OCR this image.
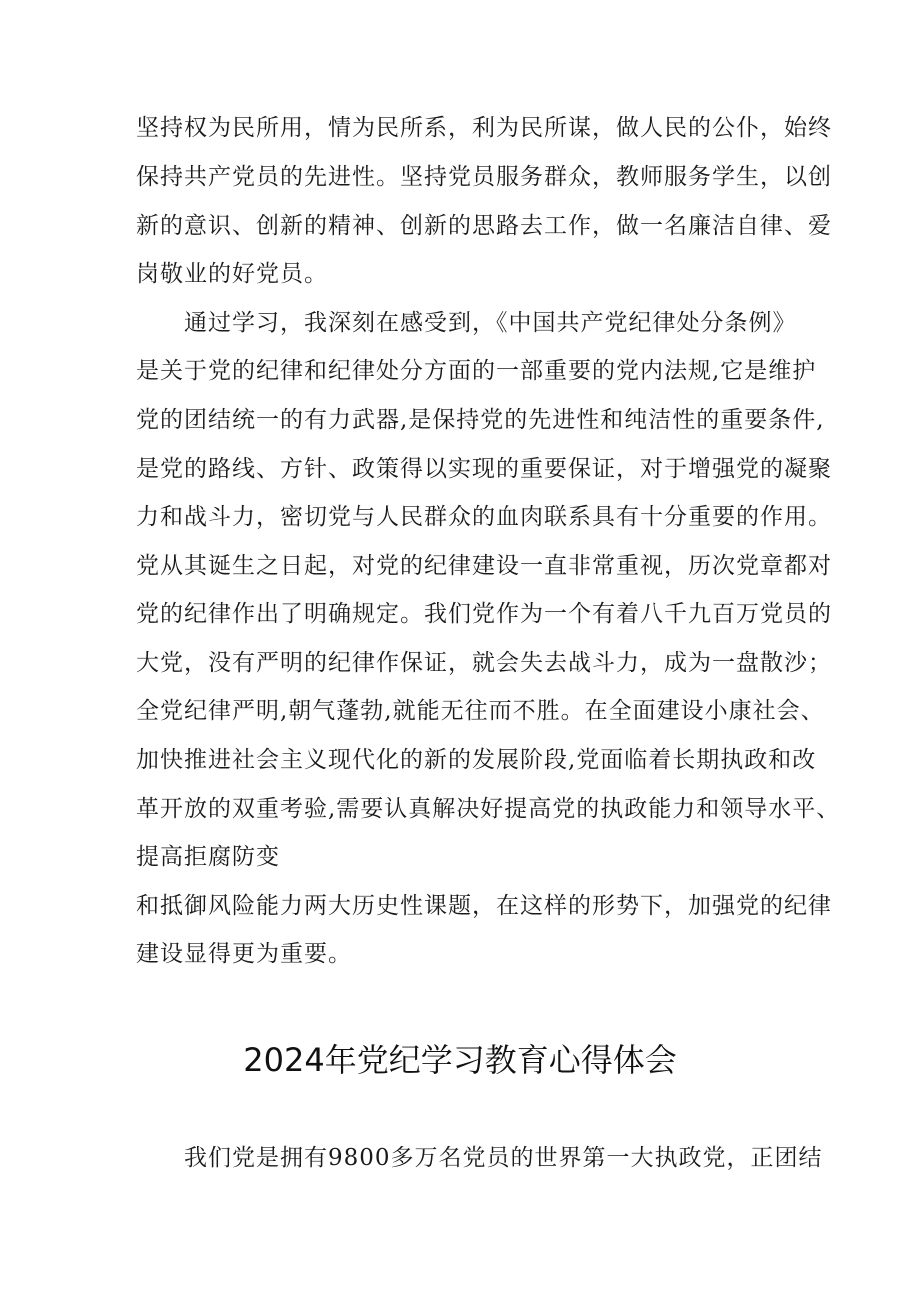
坚持权为民所用，情为民所系，利为民所谋，做人民的公仆，始终
保持共产党员的先进性。坚持党员服务群众，教师服务学生，以创
新的意识、创新的精神、创新的思路去工作，做一名廉洁自律、爱
岗敬业的好党员。
通过学习，我深刻在感受到，《中国共产党纪律处分条例》
是关于党的纪律和纪律处分方面的一部重要的党内法规,它是维护
党的团结统一的有力武器,是保持党的先进性和纯洁性的重要条件,
是党的路线、方针、政策得以实现的重要保证，对于增强党的凝聚
力和战斗力，密切党与人民群众的血肉联系具有十分重要的作用。
党从其诞生之日起，对党的纪律建设一直非常重视，历次党章都对
党的纪律作出了明确规定。我们党作为一个有着八千九百万党员的
大党，没有严明的纪律作保证，就会失去战斗力，成为一盘散沙；
全党纪律严明,朝气蓬勃,就能无往而不胜。在全面建设小康社会、
加快推进社会主义现代化的新的发展阶段,党面临着长期执政和改
革开放的双重考验,需要认真解决好提高党的执政能力和领导水平、
提高拒腐防变
和抵御风险能力两大历史性课题，在这样的形势下，加强党的纪律
建设显得更为重要。
2024年党纪学习教育心得体会
我们党是拥有9800多万名党员的世界第一大执政党，正团结
